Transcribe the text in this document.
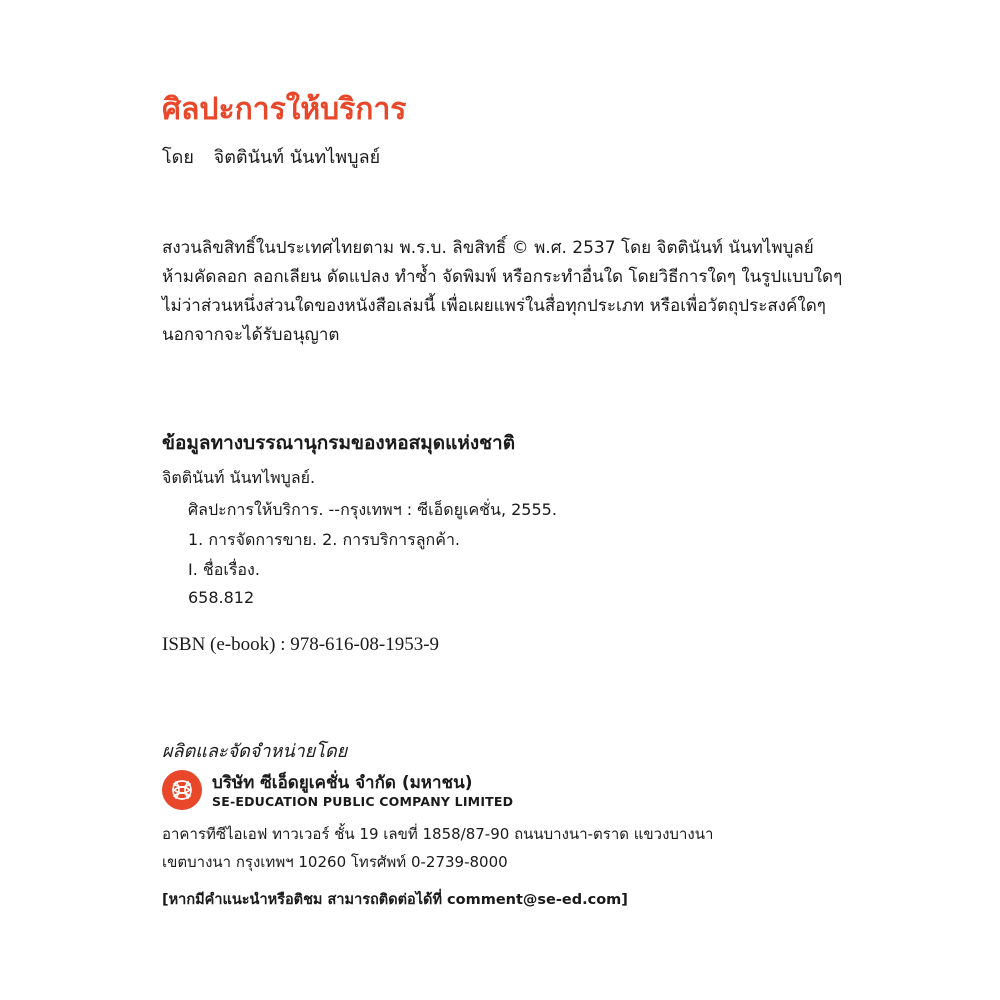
ศิลปะการให้บริการ
โดย จิตตินันท์ นันทไพบูลย์
สงวนลิขสิทธิ์ในประเทศไทยตาม พ.ร.บ. ลิขสิทธิ์ © พ.ศ. 2537 โดย จิตตินันท์ นันทไพบูลย์
ห้ามคัดลอก ลอกเลียน ดัดแปลง ทำซ้ำ จัดพิมพ์ หรือกระทำอื่นใด โดยวิธีการใดๆ ในรูปแบบใดๆ
ไม่ว่าส่วนหนึ่งส่วนใดของหนังสือเล่มนี้ เพื่อเผยแพร่ในสื่อทุกประเภท หรือเพื่อวัตถุประสงค์ใดๆ
นอกจากจะได้รับอนุญาต
ข้อมูลทางบรรณานุกรมของหอสมุดแห่งชาติ
จิตตินันท์ นันทไพบูลย์.
ศิลปะการให้บริการ. --กรุงเทพฯ : ซีเอ็ดยูเคชั่น, 2555.
1. การจัดการขาย. 2. การบริการลูกค้า.
I. ชื่อเรื่อง.
658.812
ISBN (e-book) : 978-616-08-1953-9
ผลิตและจัดจำหน่ายโดย
บริษัท ซีเอ็ดยูเคชั่น จำกัด (มหาชน)
SE-EDUCATION PUBLIC COMPANY LIMITED
อาคารทีซีไอเอฟ ทาวเวอร์ ชั้น 19 เลขที่ 1858/87-90 ถนนบางนา-ตราด แขวงบางนา
เขตบางนา กรุงเทพฯ 10260 โทรศัพท์ 0-2739-8000
[หากมีคำแนะนำหรือติชม สามารถติดต่อได้ที่ comment@se-ed.com]
